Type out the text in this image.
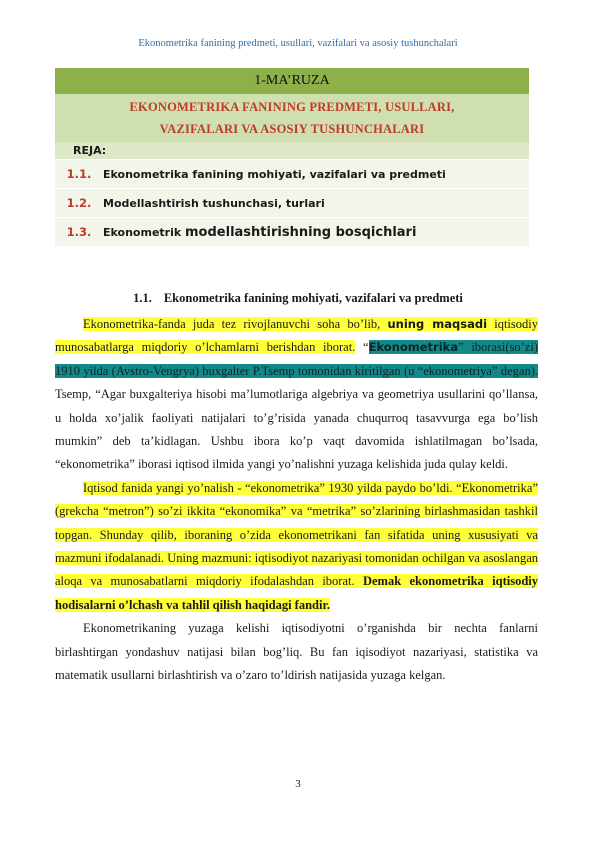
Ekonometrika fanining predmeti, usullari, vazifalari va asosiy tushunchalari
1-MA’RUZA	

EKONOMETRIKA FANINING PREDMETI, USULLARI,
VAZIFALARI VA ASOSIY TUSHUNCHALARI	

REJA:	
1.1.	Ekonometrika fanining mohiyati, vazifalari va predmeti
1.2.	Modellashtirish tushunchasi, turlari
1.3.	Ekonometrik modellashtirishning bosqichlari
1.1. Ekonometrika fanining mohiyati, vazifalari va predmeti

Ekonometrika-fanda juda tez rivojlanuvchi soha bo’lib, uning maqsadi iqtisodiy munosabatlarga miqdoriy o’lchamlarni berishdan iborat. “Ekonometrika” iborasi(so’zi) 1910 yilda (Avstro-Vengrya) buxgalter P.Tsemp tomonidan kiritilgan (u “ekonometriya” degan). Tsemp, “Agar buxgalteriya hisobi ma’lumotlariga algebriya va geometriya usullarini qo’llansa, u holda xo’jalik faoliyati natijalari to’g’risida yanada chuqurroq tasavvurga ega bo’lish mumkin” deb ta’kidlagan. Ushbu ibora ko’p vaqt davomida ishlatilmagan bo’lsada, “ekonometrika” iborasi iqtisod ilmida yangi yo’nalishni yuzaga kelishida juda qulay keldi.

Iqtisod fanida yangi yo’nalish - “ekonometrika” 1930 yilda paydo bo’ldi. “Ekonometrika” (grekcha “metron”) so’zi ikkita “ekonomika” va “metrika” so’zlarining birlashmasidan tashkil topgan. Shunday qilib, iboraning o’zida ekonometrikani fan sifatida uning xususiyati va mazmuni ifodalanadi. Uning mazmuni: iqtisodiyot nazariyasi tomonidan ochilgan va asoslangan aloqa va munosabatlarni miqdoriy ifodalashdan iborat. Demak ekonometrika iqtisodiy hodisalarni o’lchash va tahlil qilish haqidagi fandir.

Ekonometrikaning yuzaga kelishi iqtisodiyotni o’rganishda bir nechta fanlarni birlashtirgan yondashuv natijasi bilan bog’liq. Bu fan iqisodiyot nazariyasi, statistika va matematik usullarni birlashtirish va o’zaro to’ldirish natijasida yuzaga kelgan.

3
